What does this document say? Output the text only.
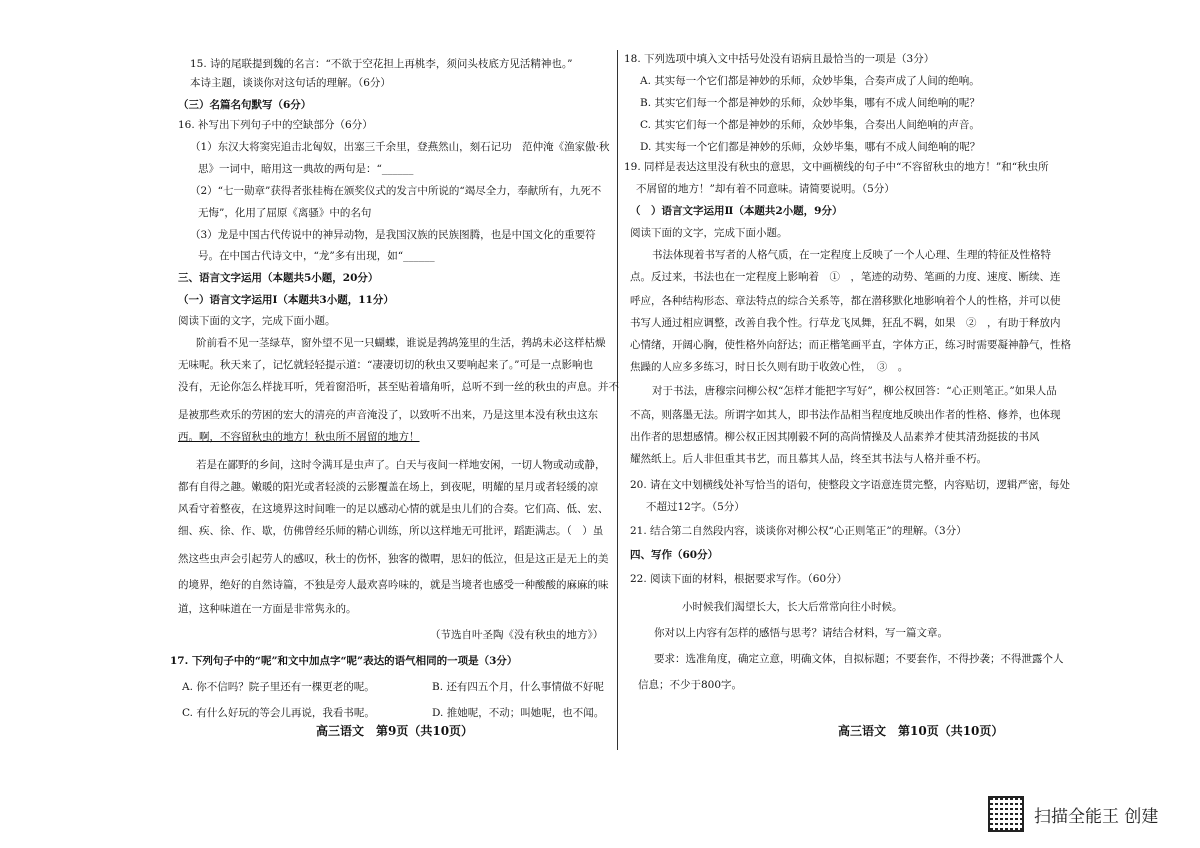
15. 诗的尾联提到魏的名言：“不欲于空花担上再桃李，须问头枝底方见活精神也。”
本诗主题，谈谈你对这句话的理解。（6分）
（三）名篇名句默写（6分）
16. 补写出下列句子中的空缺部分（6分）
（1）东汉大将窦宪追击北匈奴，出塞三千余里，登燕然山，刻石记功　范仲淹《渔家傲·秋
思》一词中，暗用这一典故的两句是：“______
（2）“七一勋章”获得者张桂梅在颁奖仪式的发言中所说的“竭尽全力，奉献所有，九死不
无悔”，化用了屈原《离骚》中的名句
（3）龙是中国古代传说中的神异动物，是我国汉族的民族图腾，也是中国文化的重要符
号。在中国古代诗文中，“龙”多有出现，如“______
三、语言文字运用（本题共5小题，20分）
（一）语言文字运用Ⅰ（本题共3小题，11分）
阅读下面的文字，完成下面小题。
阶前看不见一茎绿草，窗外望不见一只蝴蝶，谁说是鹁鸪笼里的生活，鹁鸪未必这样枯燥
无味呢。秋天来了，记忆就轻轻提示道：“凄凄切切的秋虫又要响起来了。”可是一点影响也
没有，无论你怎么样拢耳听，凭着窗沿听，甚至贴着墙角听，总听不到一丝的秋虫的声息。并不
是被那些欢乐的劳困的宏大的清亮的声音淹没了，以致听不出来，乃是这里本没有秋虫这东
西。啊，不容留秋虫的地方！秋虫所不屑留的地方！
若是在鄙野的乡间，这时令满耳是虫声了。白天与夜间一样地安闲，一切人物或动或静，
都有自得之趣。嫩暖的阳光或者轻淡的云影覆盖在场上，到夜呢，明耀的星月或者轻缓的凉
风看守着整夜，在这境界这时间唯一的足以感动心情的就是虫儿们的合奏。它们高、低、宏、
细、疾、徐、作、歇，仿佛曾经乐师的精心训练，所以这样地无可批评，蹈距满志。（　）虽
然这些虫声会引起劳人的感叹，秋士的伤怀，独客的微喟，思妇的低泣，但是这正是无上的美
的境界，绝好的自然诗篇，不独是旁人最欢喜吟味的，就是当境者也感受一种酸酸的麻麻的味
道，这种味道在一方面是非常隽永的。
（节选自叶圣陶《没有秋虫的地方》）
17. 下列句子中的“呢”和文中加点字“呢”表达的语气相同的一项是（3分）
A. 你不信吗？院子里还有一棵更老的呢。	B. 还有四五个月，什么事情做不好呢
C. 有什么好玩的等会儿再说，我看书呢。	D. 推她呢，不动；叫她呢，也不闻。
高三语文　第9页（共10页）
18. 下列选项中填入文中括号处没有语病且最恰当的一项是（3分）
A. 其实每一个它们都是神妙的乐师，众妙毕集，合奏声成了人间的绝响。
B. 其实它们每一个都是神妙的乐师，众妙毕集，哪有不成人间绝响的呢？
C. 其实它们每一个都是神妙的乐师，众妙毕集，合奏出人间绝响的声音。
D. 其实每一个它们都是神妙的乐师，众妙毕集，哪有不成人间绝响的呢？
19. 同样是表达这里没有秋虫的意思，文中画横线的句子中“不容留秋虫的地方！”和“秋虫所
不屑留的地方！”却有着不同意味。请简要说明。（5分）
（　）语言文字运用Ⅱ（本题共2小题，9分）
阅读下面的文字，完成下面小题。
书法体现着书写者的人格气质，在一定程度上反映了一个人心理、生理的特征及性格特
点。反过来，书法也在一定程度上影响着　①　，笔迹的动势、笔画的力度、速度、断续、连
呼应，各种结构形态、章法特点的综合关系等，都在潜移默化地影响着个人的性格，并可以使
书写人通过相应调整，改善自我个性。行草龙飞凤舞，狂乱不羁，如果　②　，有助于释放内
心情绪，开阔心胸，使性格外向舒达；而正楷笔画平直，字体方正，练习时需要凝神静气，性格
焦躁的人应多多练习，时日长久则有助于收敛心性，　③　。
对于书法，唐穆宗问柳公权“怎样才能把字写好”，柳公权回答：“心正则笔正。”如果人品
不高，则落墨无法。所谓字如其人，即书法作品相当程度地反映出作者的性格、修养，也体现
出作者的思想感情。柳公权正因其刚毅不阿的高尚情操及人品素养才使其清劲挺拔的书风
耀然纸上。后人非但重其书艺，而且慕其人品，终至其书法与人格并垂不朽。
20. 请在文中划横线处补写恰当的语句，使整段文字语意连贯完整，内容贴切，逻辑严密，每处
不超过12字。（5分）
21. 结合第二自然段内容，谈谈你对柳公权“心正则笔正”的理解。（3分）
四、写作（60分）
22. 阅读下面的材料，根据要求写作。（60分）
小时候我们渴望长大，长大后常常向往小时候。
你对以上内容有怎样的感悟与思考？请结合材料，写一篇文章。
要求：选准角度，确定立意，明确文体，自拟标题；不要套作，不得抄袭；不得泄露个人
信息；不少于800字。
高三语文　第10页（共10页）
扫描全能王 创建
